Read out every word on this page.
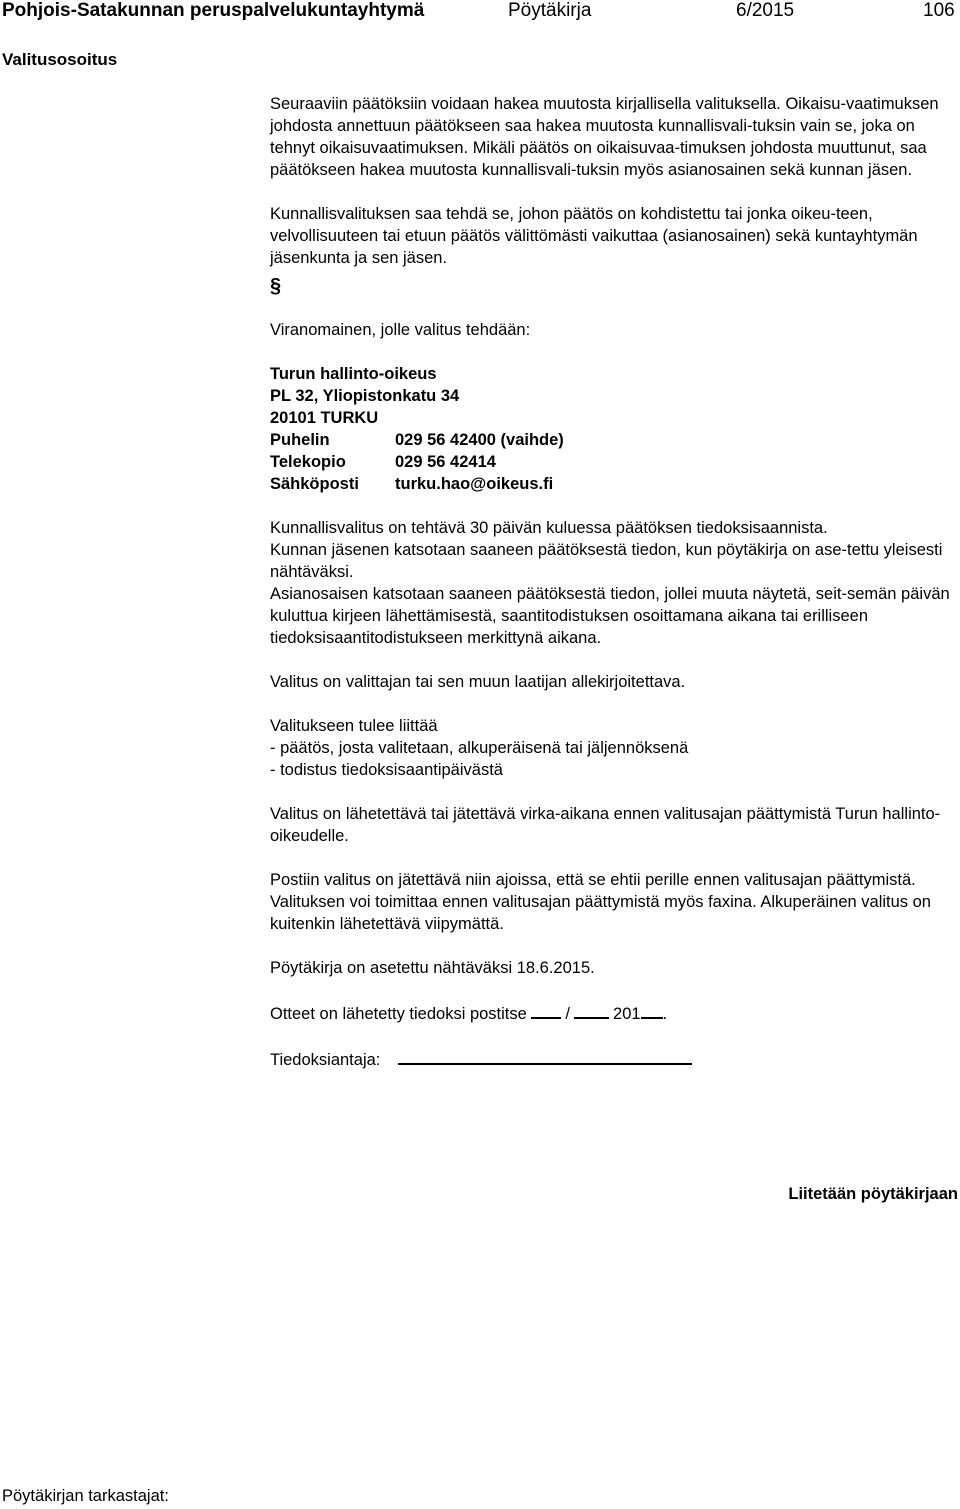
Pohjois-Satakunnan peruspalvelukuntayhtymä	Pöytäkirja	6/2015	106
Valitusosoitus

Seuraaviin päätöksiin voidaan hakea muutosta kirjallisella valituksella. Oikaisu-vaatimuksen johdosta annettuun päätökseen saa hakea muutosta kunnallisvali-tuksin vain se, joka on tehnyt oikaisuvaatimuksen. Mikäli päätös on oikaisuvaa-timuksen johdosta muuttunut, saa päätökseen hakea muutosta kunnallisvali-tuksin myös asianosainen sekä kunnan jäsen.

Kunnallisvalituksen saa tehdä se, johon päätös on kohdistettu tai jonka oikeu-teen, velvollisuuteen tai etuun päätös välittömästi vaikuttaa (asianosainen) sekä kuntayhtymän jäsenkunta ja sen jäsen.

§

Viranomainen, jolle valitus tehdään:

Turun hallinto-oikeus
PL 32, Yliopistonkatu 34
20101 TURKU
Puhelin	029 56 42400 (vaihde)
Telekopio	029 56 42414
Sähköposti	turku.hao@oikeus.fi

Kunnallisvalitus on tehtävä 30 päivän kuluessa päätöksen tiedoksisaannista.

Kunnan jäsenen katsotaan saaneen päätöksestä tiedon, kun pöytäkirja on ase-tettu yleisesti nähtäväksi.

Asianosaisen katsotaan saaneen päätöksestä tiedon, jollei muuta näytetä, seit-semän päivän kuluttua kirjeen lähettämisestä, saantitodistuksen osoittamana aikana tai erilliseen tiedoksisaantitodistukseen merkittynä aikana.

Valitus on valittajan tai sen muun laatijan allekirjoitettava.

Valitukseen tulee liittää
- päätös, josta valitetaan, alkuperäisenä tai jäljennöksenä
- todistus tiedoksisaantipäivästä

Valitus on lähetettävä tai jätettävä virka-aikana ennen valitusajan päättymistä Turun hallinto-oikeudelle.

Postiin valitus on jätettävä niin ajoissa, että se ehtii perille ennen valitusajan päättymistä. Valituksen voi toimittaa ennen valitusajan päättymistä myös faxina. Alkuperäinen valitus on kuitenkin lähetettävä viipymättä.

Pöytäkirja on asetettu nähtäväksi 18.6.2015.

Otteet on lähetetty tiedoksi postitse /	201 .

Tiedoksiantaja:

Liitetään pöytäkirjaan
Pöytäkirjan tarkastajat:
